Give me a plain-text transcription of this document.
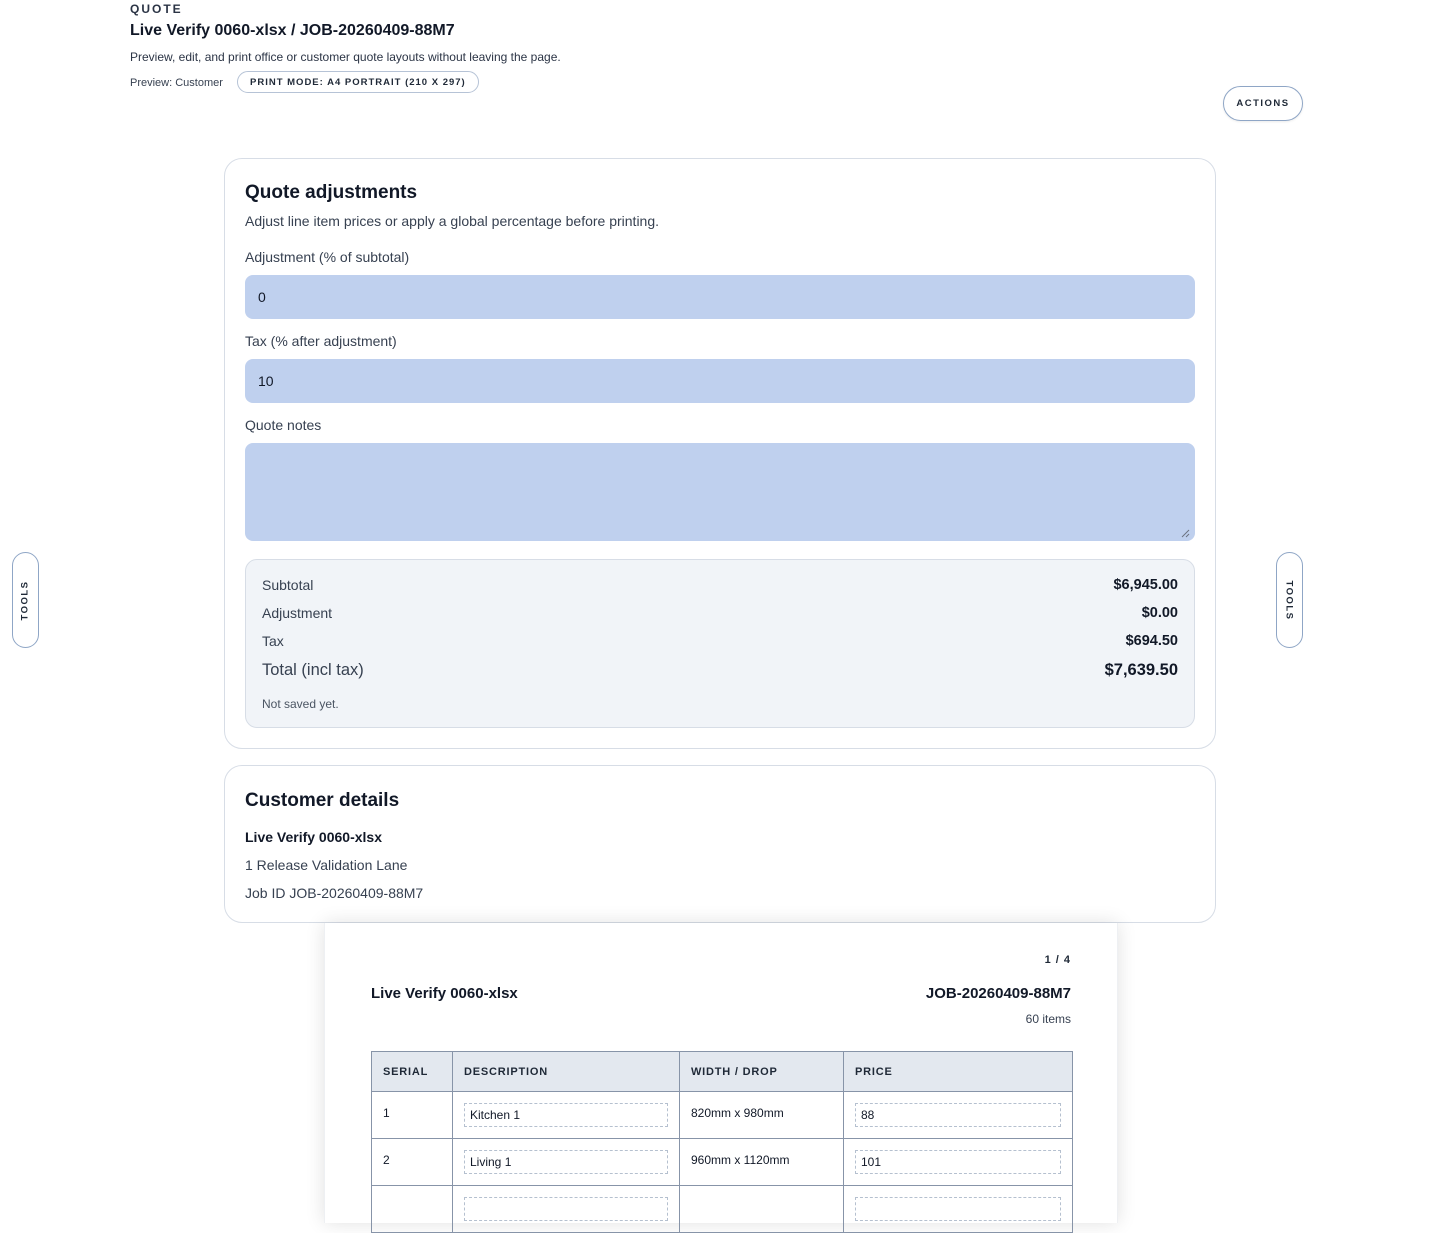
QUOTE
Live Verify 0060-xlsx / JOB-20260409-88M7
Preview, edit, and print office or customer quote layouts without leaving the page.
Preview: Customer	PRINT MODE: A4 PORTRAIT (210 X 297)
ACTIONS
TOOLS	TOOLS
Quote adjustments
Adjust line item prices or apply a global percentage before printing.
Adjustment (% of subtotal)
0
Tax (% after adjustment)
10
Quote notes
Subtotal	$6,945.00
Adjustment	$0.00
Tax	$694.50
Total (incl tax)	$7,639.50
Not saved yet.
Customer details
Live Verify 0060-xlsx
1 Release Validation Lane
Job ID JOB-20260409-88M7
1 / 4
Live Verify 0060-xlsx	JOB-20260409-88M7
60 items
SERIAL	DESCRIPTION	WIDTH / DROP	PRICE
1	Kitchen 1	820mm x 980mm	88
2	Living 1	960mm x 1120mm	101
